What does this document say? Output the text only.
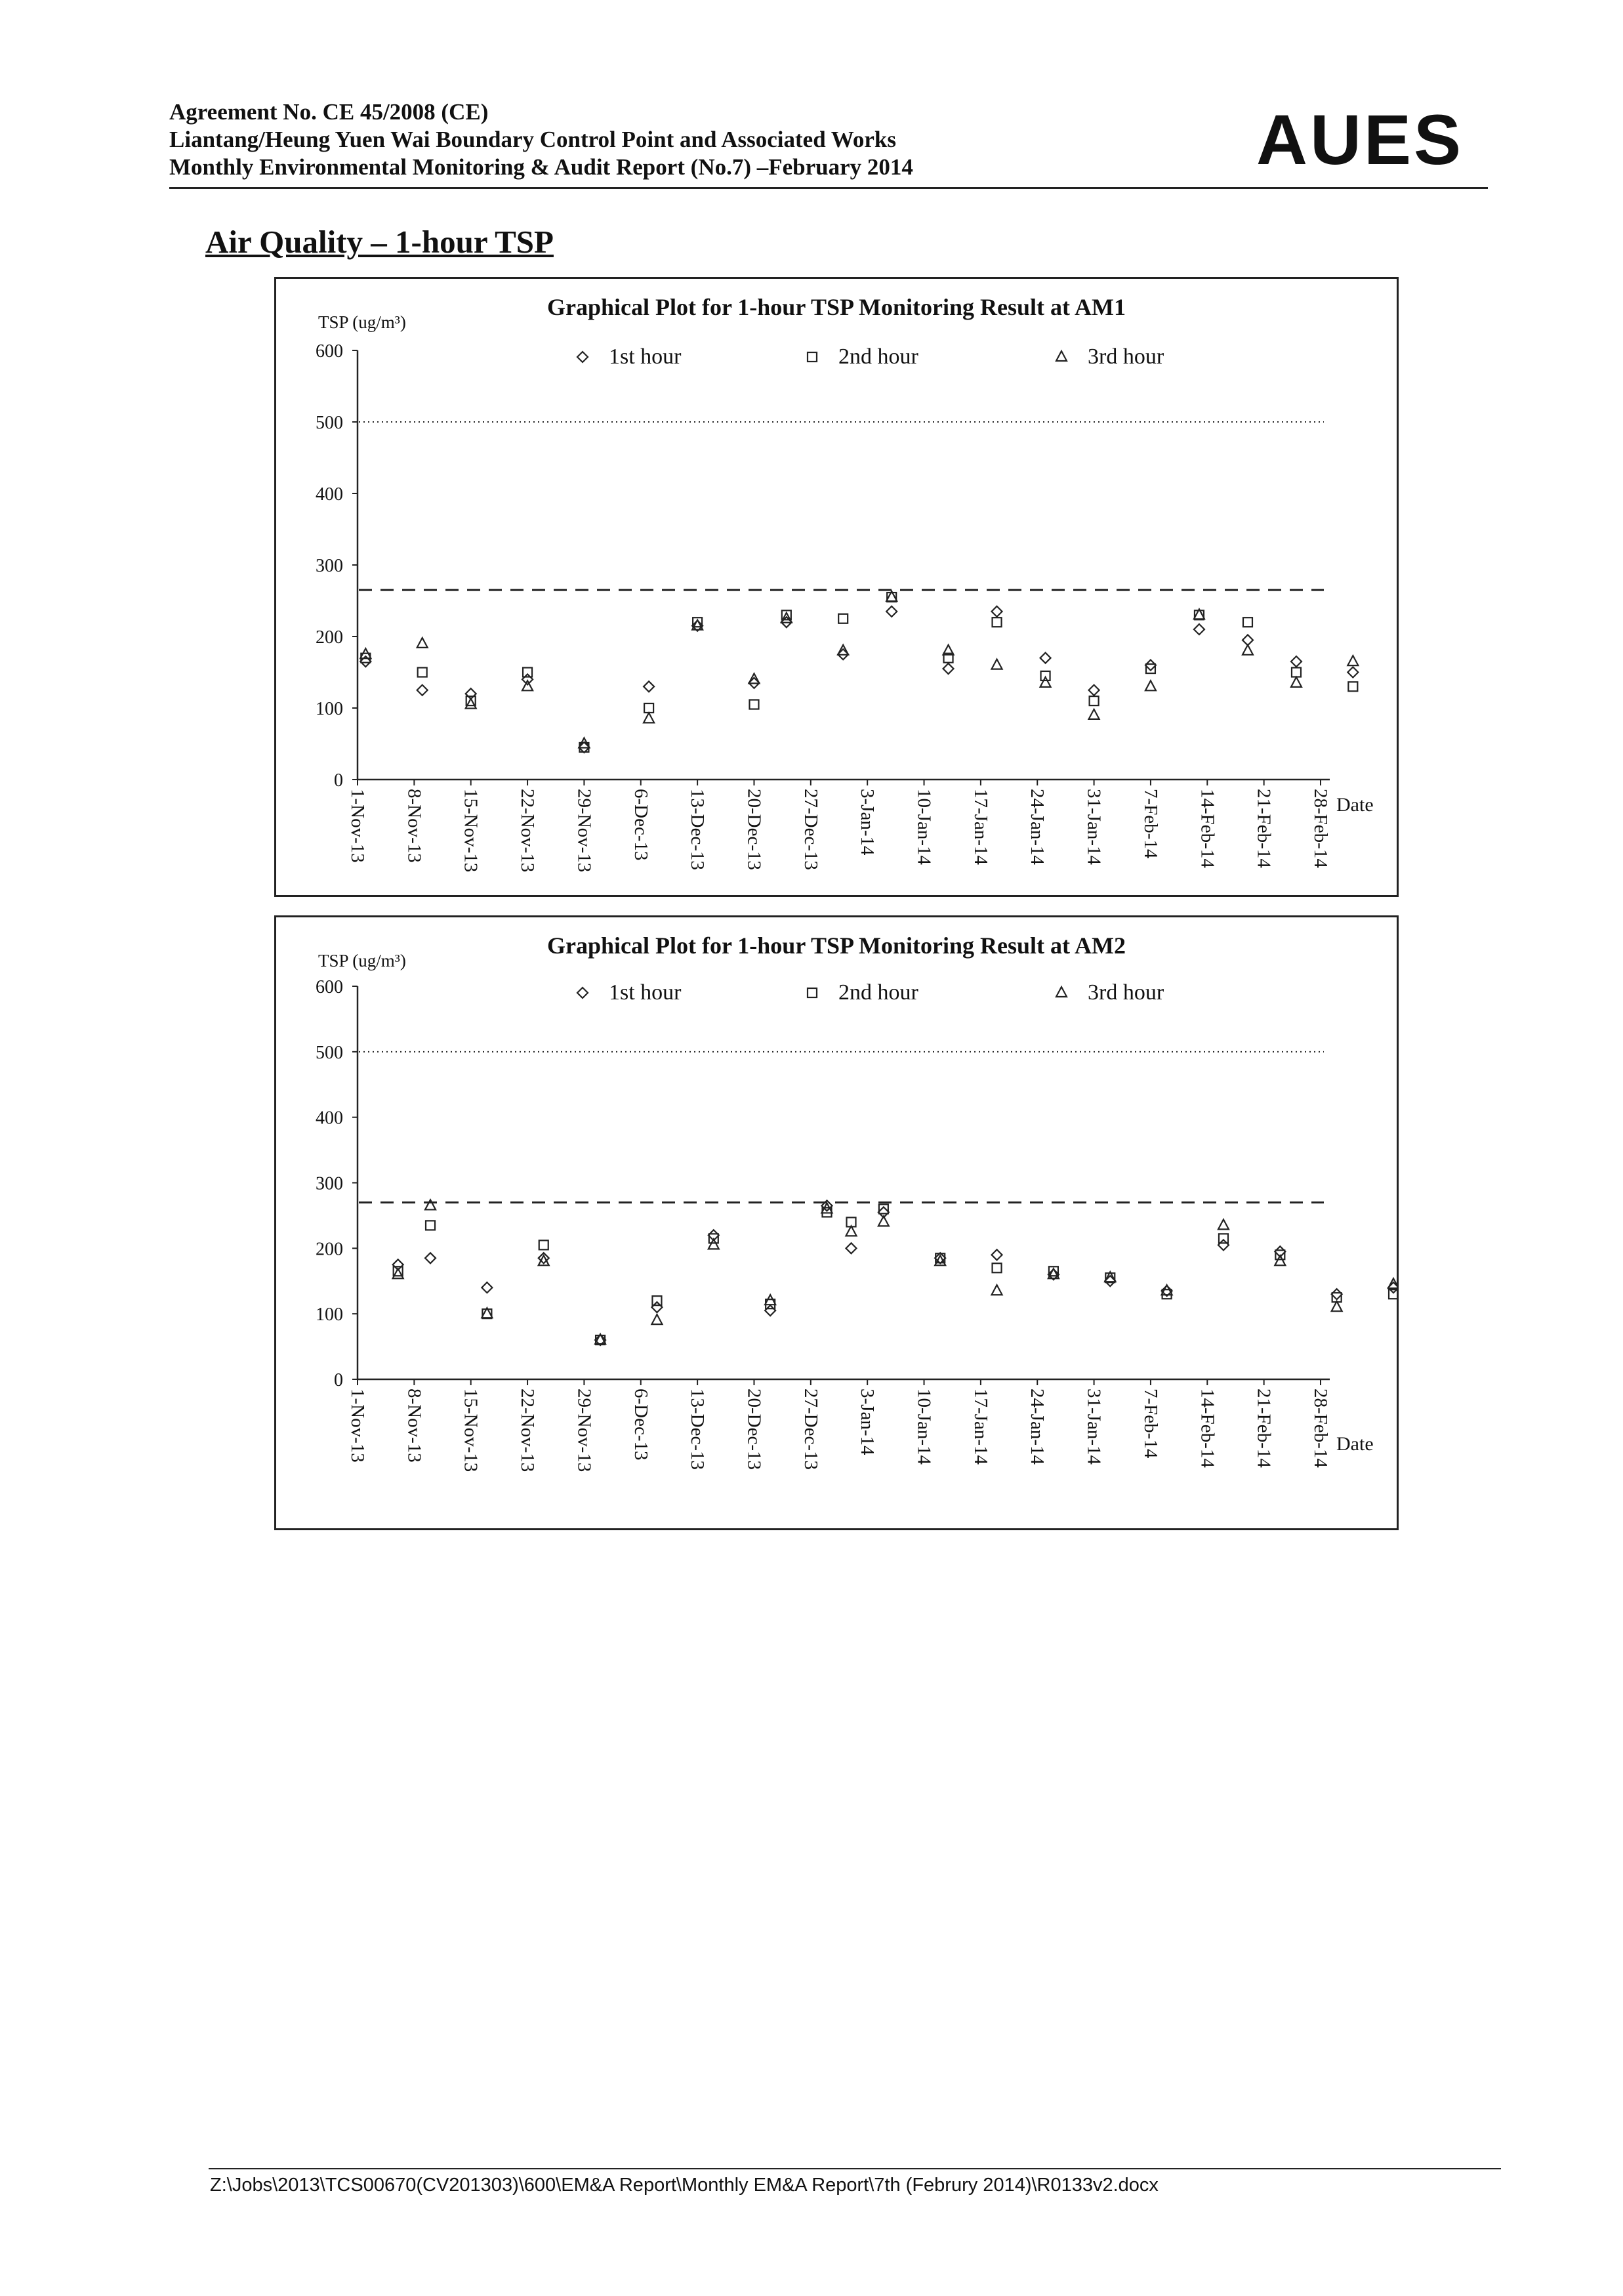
Agreement No. CE 45/2008 (CE)
Liantang/Heung Yuen Wai Boundary Control Point and Associated Works
Monthly Environmental Monitoring & Audit Report (No.7) –February 2014	AUES
Air Quality – 1-hour TSP
Graphical Plot for 1-hour TSP Monitoring Result at AM1
TSP (ug/m³)
1st hour	2nd hour	3rd hour
0
100
200
300
400
500
600
1-Nov-13 8-Nov-13 15-Nov-13 22-Nov-13 29-Nov-13 6-Dec-13 13-Dec-13 20-Dec-13 27-Dec-13 3-Jan-14 10-Jan-14 17-Jan-14 24-Jan-14 31-Jan-14 7-Feb-14 14-Feb-14 21-Feb-14 28-Feb-14 Date
Graphical Plot for 1-hour TSP Monitoring Result at AM2
TSP (ug/m³)
1st hour	2nd hour	3rd hour
0
100
200
300
400
500
600
1-Nov-13 8-Nov-13 15-Nov-13 22-Nov-13 29-Nov-13 6-Dec-13 13-Dec-13 20-Dec-13 27-Dec-13 3-Jan-14 10-Jan-14 17-Jan-14 24-Jan-14 31-Jan-14 7-Feb-14 14-Feb-14 21-Feb-14 28-Feb-14 Date
Z:\Jobs\2013\TCS00670(CV201303)\600\EM&A Report\Monthly EM&A Report\7th (Februry 2014)\R0133v2.docx
